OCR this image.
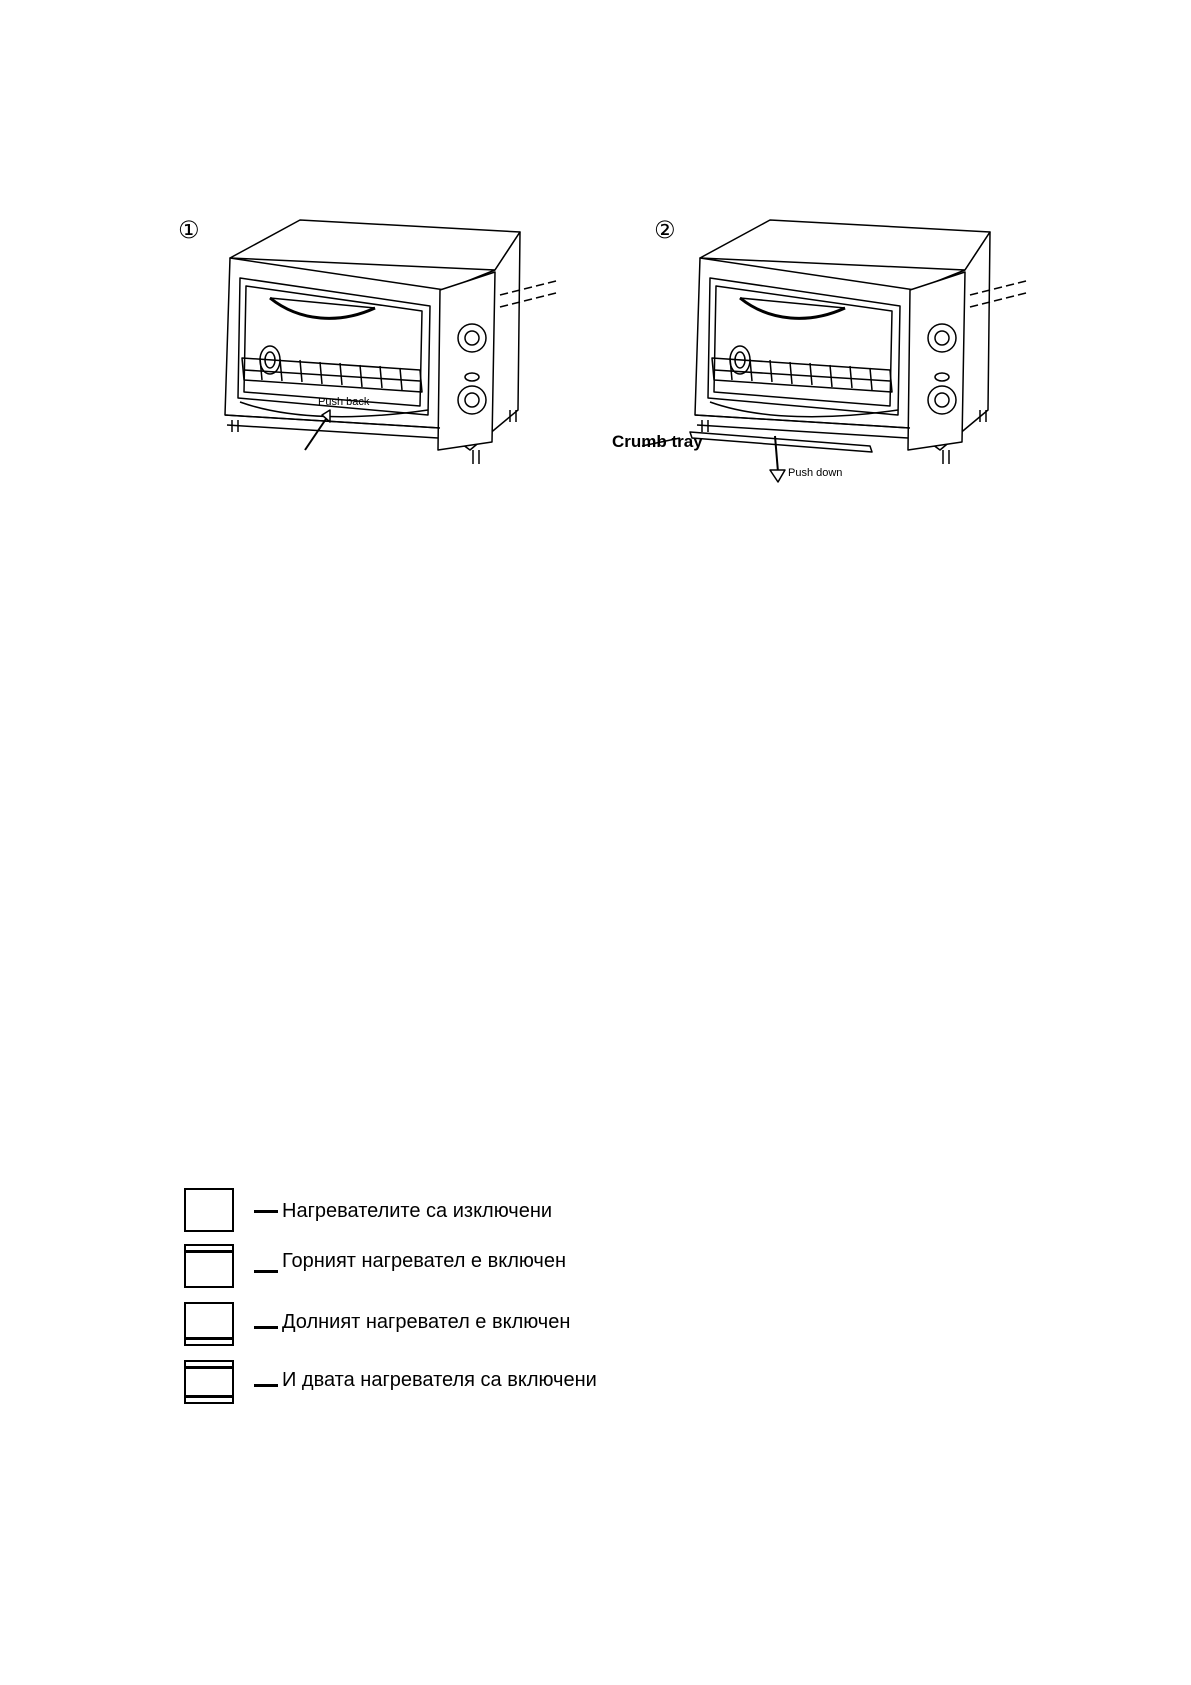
①
Push back
②
Crumb tray
Push down
Нагревателите са изключени
Горният нагревател е включен
Долният нагревател е включен
И двата нагревателя са включени
